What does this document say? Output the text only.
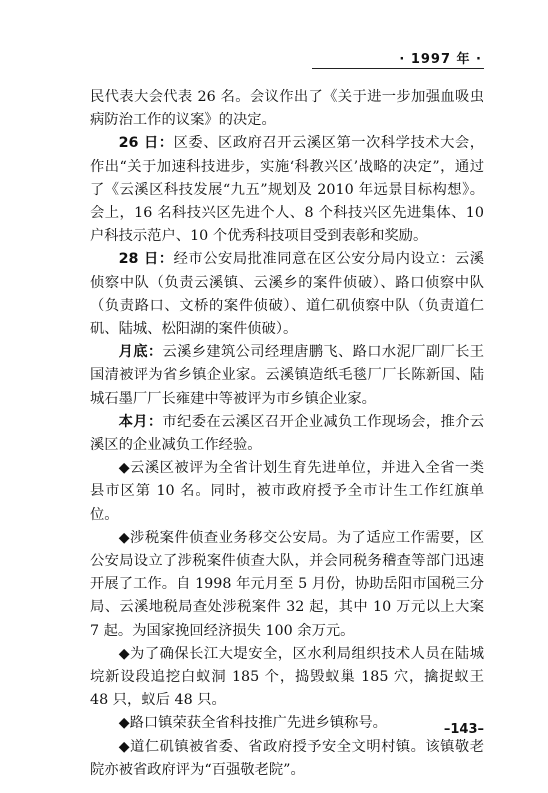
· 1997 年 ·

民代表大会代表 26 名。会议作出了《关于进一步加强血吸虫病防治工作的议案》的决定。

26 日：区委、区政府召开云溪区第一次科学技术大会，作出“关于加速科技进步，实施‘科教兴区’战略的决定”，通过了《云溪区科技发展“九五”规划及 2010 年远景目标构想》。会上，16 名科技兴区先进个人、8 个科技兴区先进集体、10 户科技示范户、10 个优秀科技项目受到表彰和奖励。

28 日：经市公安局批准同意在区公安分局内设立：云溪侦察中队（负责云溪镇、云溪乡的案件侦破）、路口侦察中队（负责路口、文桥的案件侦破）、道仁矶侦察中队（负责道仁矶、陆城、松阳湖的案件侦破）。

月底：云溪乡建筑公司经理唐鹏飞、路口水泥厂副厂长王国清被评为省乡镇企业家。云溪镇造纸毛毯厂厂长陈新国、陆城石墨厂厂长雍建中等被评为市乡镇企业家。

本月：市纪委在云溪区召开企业减负工作现场会，推介云溪区的企业减负工作经验。

◆云溪区被评为全省计划生育先进单位，并进入全省一类县市区第 10 名。同时，被市政府授予全市计生工作红旗单位。

◆涉税案件侦查业务移交公安局。为了适应工作需要，区公安局设立了涉税案件侦查大队，并会同税务稽查等部门迅速开展了工作。自 1998 年元月至 5 月份，协助岳阳市国税三分局、云溪地税局查处涉税案件 32 起，其中 10 万元以上大案 7 起。为国家挽回经济损失 100 余万元。

◆为了确保长江大堤安全，区水利局组织技术人员在陆城垸新设段追挖白蚁洞 185 个，捣毁蚁巢 185 穴，擒捉蚁王 48 只，蚁后 48 只。

◆路口镇荣获全省科技推广先进乡镇称号。

◆道仁矶镇被省委、省政府授予安全文明村镇。该镇敬老院亦被省政府评为“百强敬老院”。

–143–
